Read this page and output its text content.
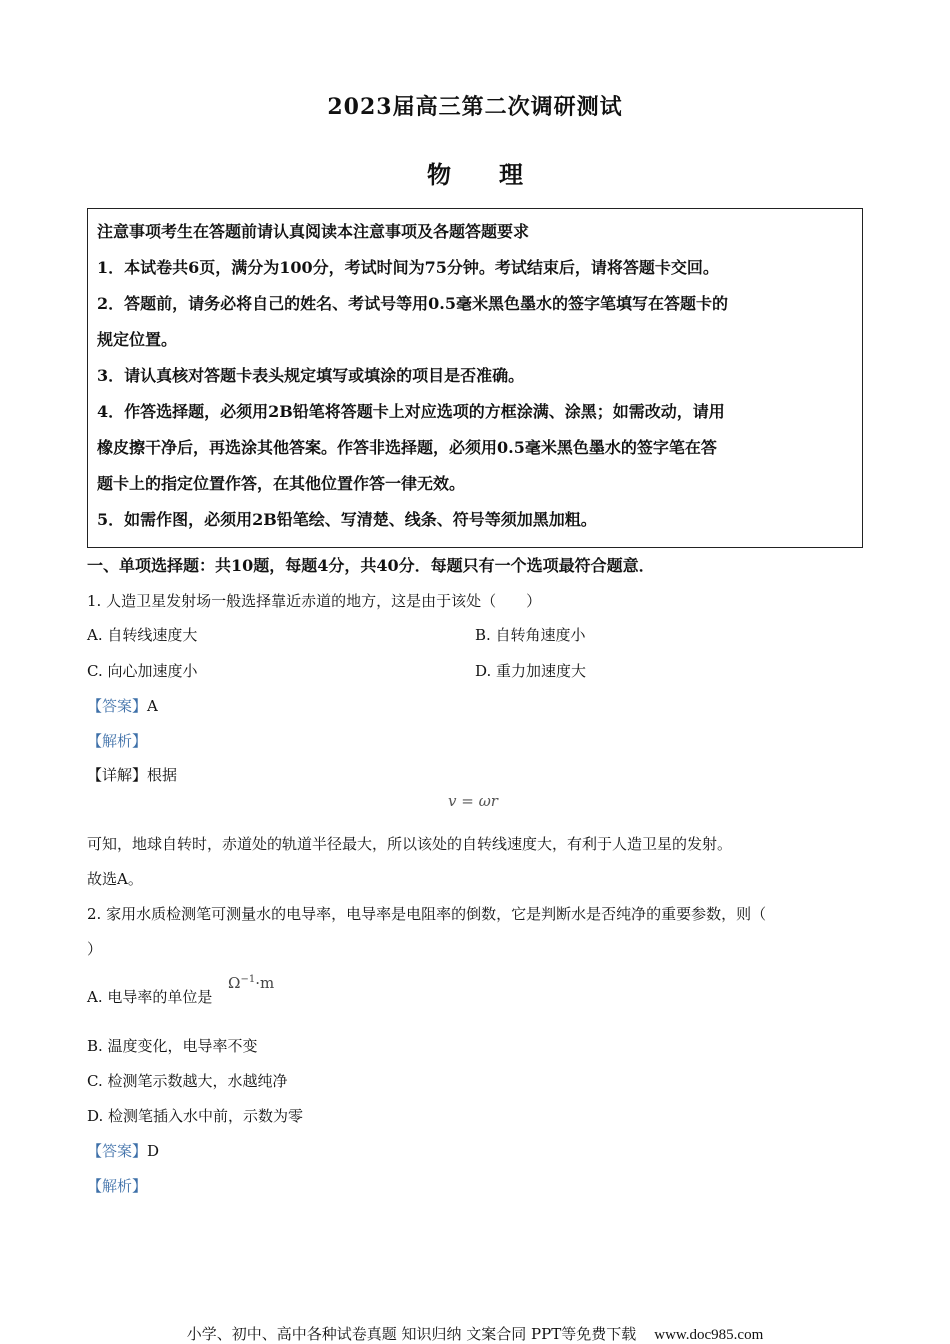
2023届高三第二次调研测试
物　　理
注意事项考生在答题前请认真阅读本注意事项及各题答题要求
1．本试卷共6页，满分为100分，考试时间为75分钟。考试结束后，请将答题卡交回。
2．答题前，请务必将自己的姓名、考试号等用0.5毫米黑色墨水的签字笔填写在答题卡的
规定位置。
3．请认真核对答题卡表头规定填写或填涂的项目是否准确。
4．作答选择题，必须用2B铅笔将答题卡上对应选项的方框涂满、涂黑；如需改动，请用
橡皮擦干净后，再选涂其他答案。作答非选择题，必须用0.5毫米黑色墨水的签字笔在答
题卡上的指定位置作答，在其他位置作答一律无效。
5．如需作图，必须用2B铅笔绘、写清楚、线条、符号等须加黑加粗。
一、单项选择题：共10题，每题4分，共40分．每题只有一个选项最符合题意．
1. 人造卫星发射场一般选择靠近赤道的地方，这是由于该处（　　）
A. 自转线速度大	B. 自转角速度小
C. 向心加速度小	D. 重力加速度大
【答案】A
【解析】
【详解】根据
v = ωr
可知，地球自转时，赤道处的轨道半径最大，所以该处的自转线速度大，有利于人造卫星的发射。
故选A。
2. 家用水质检测笔可测量水的电导率，电导率是电阻率的倒数，它是判断水是否纯净的重要参数，则（
）
A. 电导率的单位是
$\Omega^{-1}\cdot m$
B. 温度变化，电导率不变
C. 检测笔示数越大，水越纯净
D. 检测笔插入水中前，示数为零
【答案】D
【解析】
小学、初中、高中各种试卷真题 知识归纳 文案合同 PPT等免费下载 www.doc985.com
